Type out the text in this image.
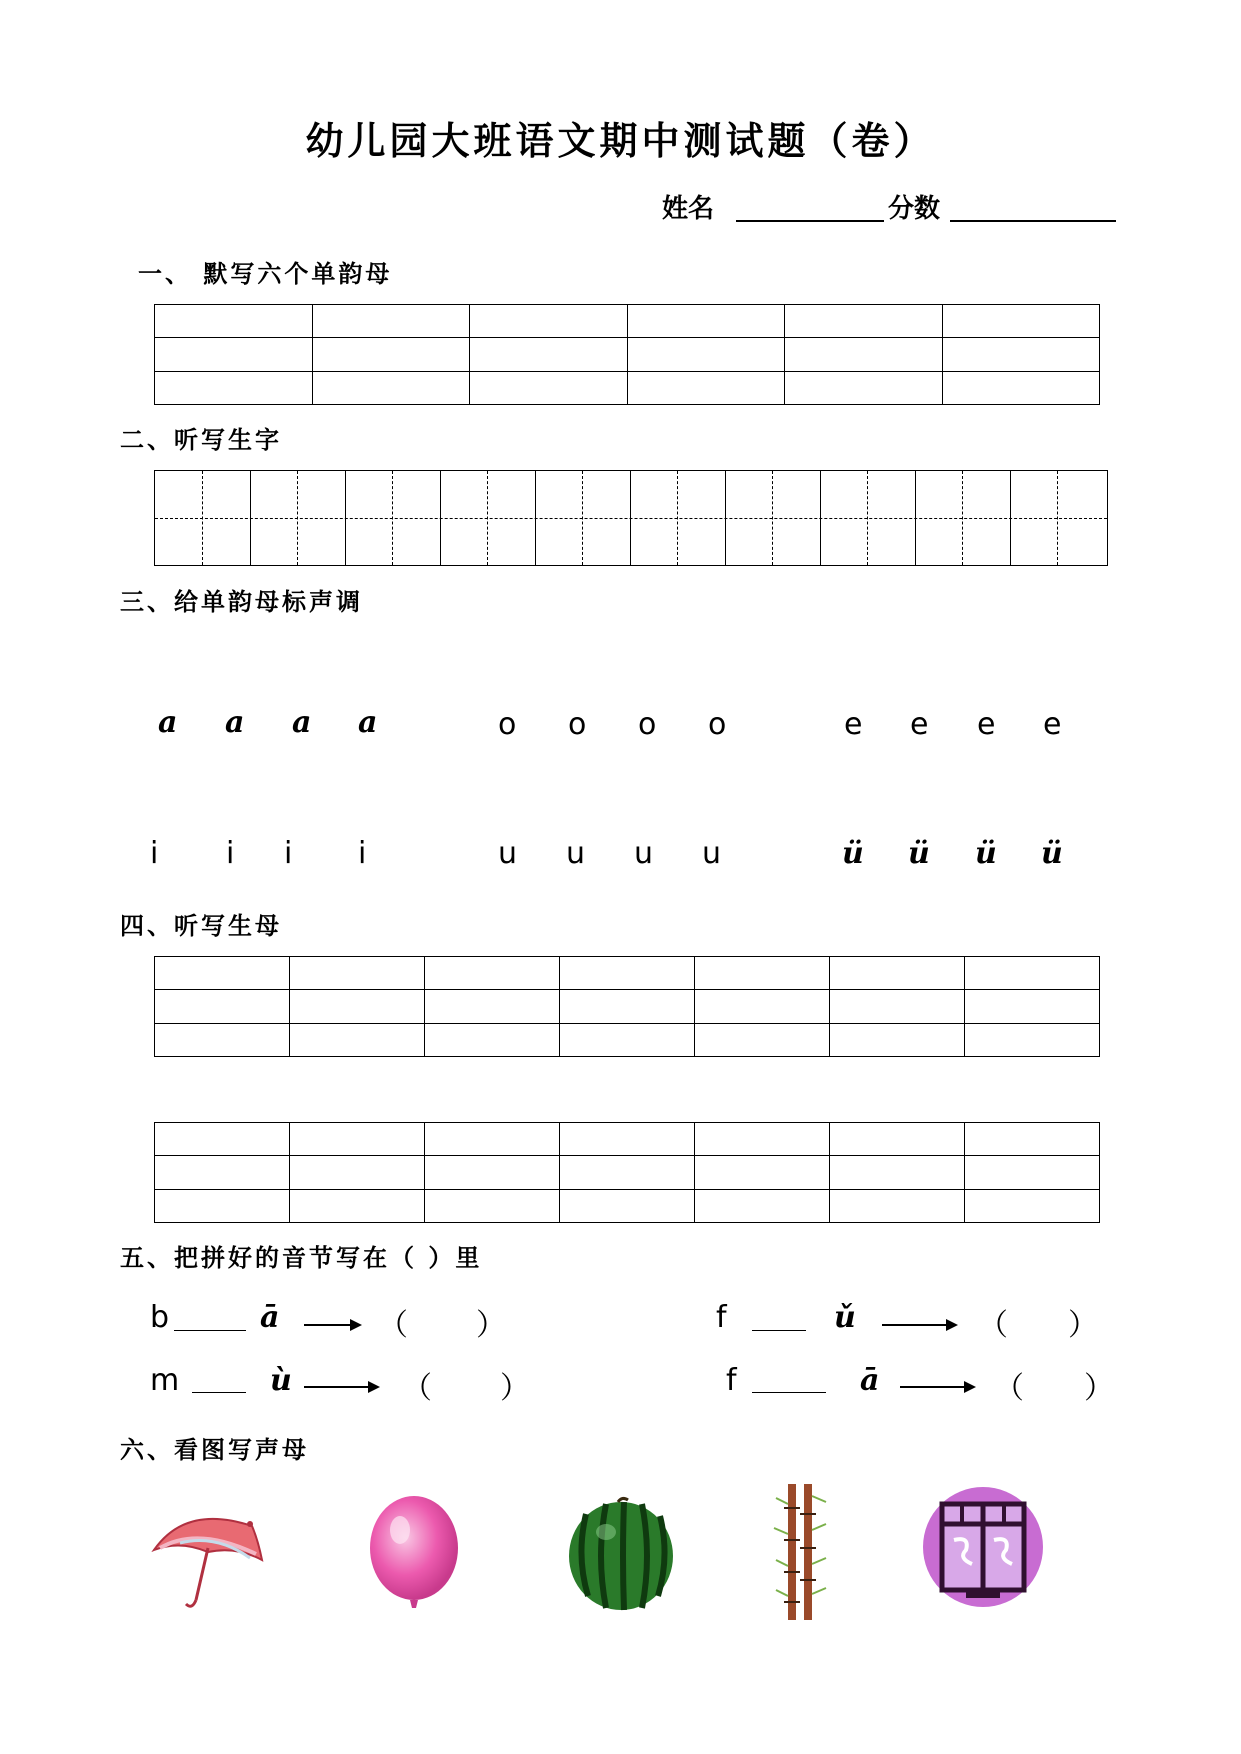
幼儿园大班语文期中测试题（卷）
姓名	分数
一、 默写六个单韵母

二、听写生字
三、给单韵母标声调
a a a a	o o o o	e e e e
i i i i	u u u u	ü ü ü ü
四、听写生母

五、把拼好的音节写在（ ）里
b	ā	（ ）	f	ǔ	（ ）
m	ù	（ ）	f	ā	（ ）
六、看图写声母
